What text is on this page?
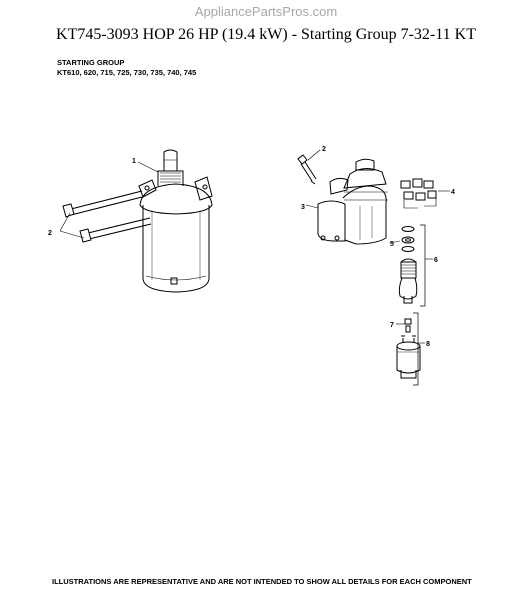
AppliancePartsPros.com
KT745-3093 HOP 26 HP (19.4 kW) - Starting Group 7-32-11 KT
STARTING GROUP
KT610, 620, 715, 725, 730, 735, 740, 745
1
2
2
3
4
5
6
7
8
ILLUSTRATIONS ARE REPRESENTATIVE AND ARE NOT INTENDED TO SHOW ALL DETAILS FOR EACH COMPONENT
